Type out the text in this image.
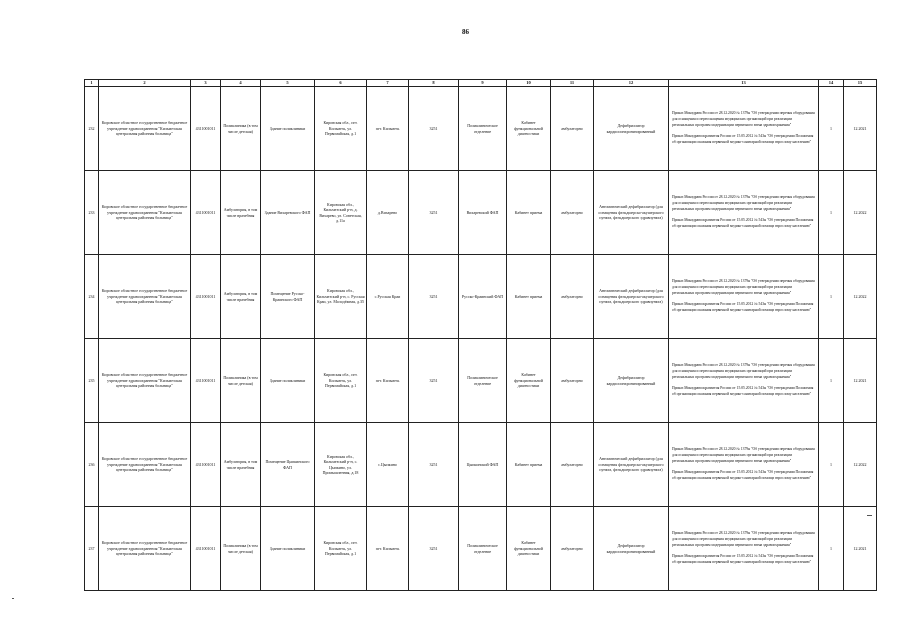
86
1	2	3	4	5	6	7	8	9	10	11	12	13	14	15
232	Кировское областное государственное бюджетное учреждение здравоохранения "Кильмезская центральная районная больница"	4311001011	Поликлиника (в том числе детская)	Здание поликлиники	Кировская обл., пгт. Кильмезь, ул. Первомайская, д.1	пгт. Кильмезь	3251	Поликлиническое отделение	Кабинет функциональной диагностики	амбулаторно	Дефибриллятор кардиосинхронизированный	Приказ Минздрава России от 28.12.2020 № 1379н "Об утверждении перечня оборудования для оснащения и переоснащения медицинских организаций при реализации региональных программ модернизации первичного звена здравоохранения"

Приказ Минздравсоцразвития России от 15.05.2012 № 543н "Об утверждении Положения об организации оказания первичной медико-санитарной помощи взрослому населению"	1	12.2021
233	Кировское областное государственное бюджетное учреждение здравоохранения "Кильмезская центральная районная больница"	4311001011	Амбулатория, в том числе врачебная	Здание Вихаревского ФАП	Кировская обл., Кильмезский р-н, д. Вихарево, ул. Советская, д.11а	д.Вихарево	3251	Вихаревский ФАП	Кабинет приема	амбулаторно	Автоматический дефибриллятор (для оснащения фельдшерско-акушерского пункта, фельдшерского здравпункта)	Приказ Минздрава России от 28.12.2020 № 1379н "Об утверждении перечня оборудования для оснащения и переоснащения медицинских организаций при реализации региональных программ модернизации первичного звена здравоохранения"

Приказ Минздравсоцразвития России от 15.05.2012 № 543н "Об утверждении Положения об организации оказания первичной медико-санитарной помощи взрослому населению"	1	12.2022
234	Кировское областное государственное бюджетное учреждение здравоохранения "Кильмезская центральная районная больница"	4311001011	Амбулатория, в том числе врачебная	Помещение Русско-Краинского ФАП	Кировская обл., Кильмезский р-н, с. Русская Краи, ул. Молодёжная, д.35	с.Русская Краи	3251	Русско-Краинский ФАП	Кабинет приема	амбулаторно	Автоматический дефибриллятор (для оснащения фельдшерско-акушерского пункта, фельдшерского здравпункта)	Приказ Минздрава России от 28.12.2020 № 1379н "Об утверждении перечня оборудования для оснащения и переоснащения медицинских организаций при реализации региональных программ модернизации первичного звена здравоохранения"

Приказ Минздравсоцразвития России от 15.05.2012 № 543н "Об утверждении Положения об организации оказания первичной медико-санитарной помощи взрослому населению"	1	12.2022
235	Кировское областное государственное бюджетное учреждение здравоохранения "Кильмезская центральная районная больница"	4311001011	Поликлиника (в том числе детская)	Здание поликлиники	Кировская обл., пгт. Кильмезь, ул. Первомайская, д.1	пгт. Кильмезь	3251	Поликлиническое отделение	Кабинет функциональной диагностики	амбулаторно	Дефибриллятор кардиосинхронизированный	Приказ Минздрава России от 28.12.2020 № 1379н "Об утверждении перечня оборудования для оснащения и переоснащения медицинских организаций при реализации региональных программ модернизации первичного звена здравоохранения"

Приказ Минздравсоцразвития России от 15.05.2012 № 543н "Об утверждении Положения об организации оказания первичной медико-санитарной помощи взрослому населению"	1	12.2021
236	Кировское областное государственное бюджетное учреждение здравоохранения "Кильмезская центральная районная больница"	4311001011	Амбулатория, в том числе врачебная	Помещение Цыпкинского ФАП	Кировская обл., Кильмезский р-н, с. Цыпкино, ул. Промышленная, д.18	с.Цыпкино	3251	Цыпкинский ФАП	Кабинет приема	амбулаторно	Автоматический дефибриллятор (для оснащения фельдшерско-акушерского пункта, фельдшерского здравпункта)	Приказ Минздрава России от 28.12.2020 № 1379н "Об утверждении перечня оборудования для оснащения и переоснащения медицинских организаций при реализации региональных программ модернизации первичного звена здравоохранения"

Приказ Минздравсоцразвития России от 15.05.2012 № 543н "Об утверждении Положения об организации оказания первичной медико-санитарной помощи взрослому населению"	1	12.2022
237	Кировское областное государственное бюджетное учреждение здравоохранения "Кильмезская центральная районная больница"	4311001011	Поликлиника (в том числе детская)	Здание поликлиники	Кировская обл., пгт. Кильмезь, ул. Первомайская, д.1	пгт. Кильмезь	3251	Поликлиническое отделение	Кабинет функциональной диагностики	амбулаторно	Дефибриллятор кардиосинхронизированный	Приказ Минздрава России от 28.12.2020 № 1379н "Об утверждении перечня оборудования для оснащения и переоснащения медицинских организаций при реализации региональных программ модернизации первичного звена здравоохранения"

Приказ Минздравсоцразвития России от 15.05.2012 № 543н "Об утверждении Положения об организации оказания первичной медико-санитарной помощи взрослому населению"	1	12.2021
